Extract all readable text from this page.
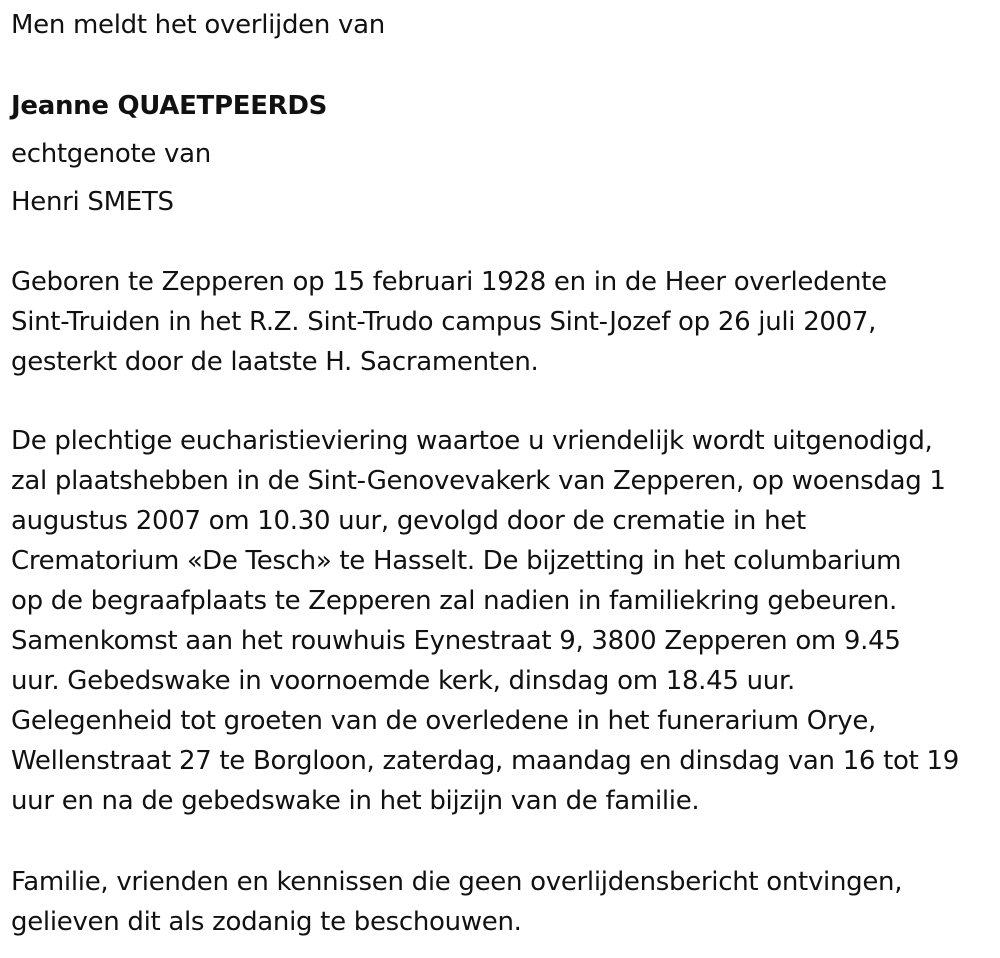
Men meldt het overlijden van

Jeanne QUAETPEERDS

echtgenote van

Henri SMETS

Geboren te Zepperen op 15 februari 1928 en in de Heer overledente
Sint-Truiden in het R.Z. Sint-Trudo campus Sint-Jozef op 26 juli 2007,
gesterkt door de laatste H. Sacramenten.
De plechtige eucharistieviering waartoe u vriendelijk wordt uitgenodigd,
zal plaatshebben in de Sint-Genovevakerk van Zepperen, op woensdag 1
augustus 2007 om 10.30 uur, gevolgd door de crematie in het
Crematorium «De Tesch» te Hasselt. De bijzetting in het columbarium
op de begraafplaats te Zepperen zal nadien in familiekring gebeuren.
Samenkomst aan het rouwhuis Eynestraat 9, 3800 Zepperen om 9.45
uur. Gebedswake in voornoemde kerk, dinsdag om 18.45 uur.
Gelegenheid tot groeten van de overledene in het funerarium Orye,
Wellenstraat 27 te Borgloon, zaterdag, maandag en dinsdag van 16 tot 19
uur en na de gebedswake in het bijzijn van de familie.
Familie, vrienden en kennissen die geen overlijdensbericht ontvingen,
gelieven dit als zodanig te beschouwen.
